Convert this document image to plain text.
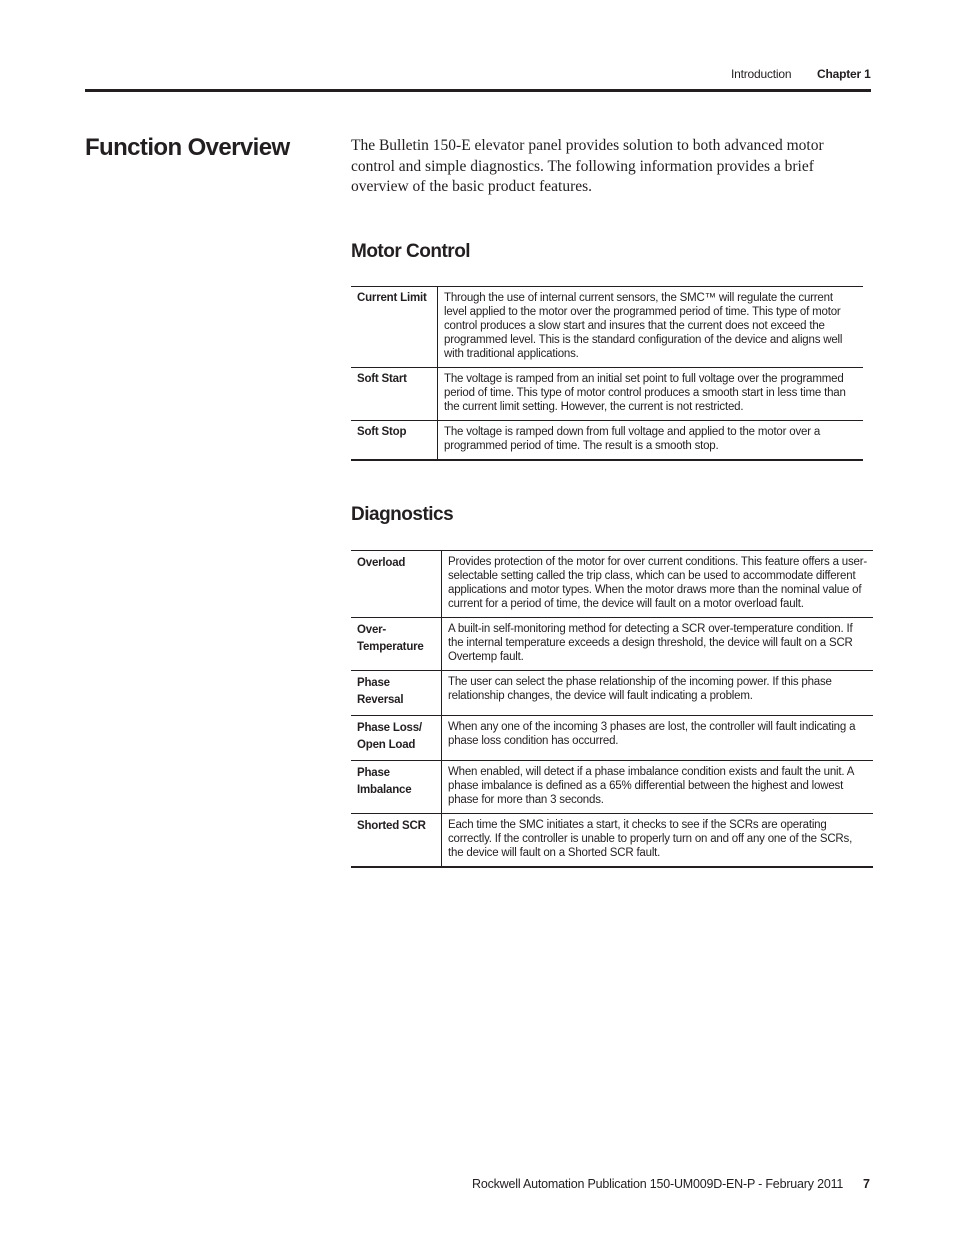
Introduction Chapter 1
Function Overview	The Bulletin 150-E elevator panel provides solution to both advanced motor control and simple diagnostics. The following information provides a brief overview of the basic product features.

Motor Control
Current Limit	Through the use of internal current sensors, the SMC™ will regulate the current level applied to the motor over the programmed period of time. This type of motor control produces a slow start and insures that the current does not exceed the programmed level. This is the standard configuration of the device and aligns well with traditional applications.
Soft Start	The voltage is ramped from an initial set point to full voltage over the programmed period of time. This type of motor control produces a smooth start in less time than the current limit setting. However, the current is not restricted.
Soft Stop	The voltage is ramped down from full voltage and applied to the motor over a programmed period of time. The result is a smooth stop.
Diagnostics
Overload	Provides protection of the motor for over current conditions. This feature offers a user-selectable setting called the trip class, which can be used to accommodate different applications and motor types. When the motor draws more than the nominal value of current for a period of time, the device will fault on a motor overload fault.
Over-Temperature	A built-in self-monitoring method for detecting a SCR over-temperature condition. If the internal temperature exceeds a design threshold, the device will fault on a SCR Overtemp fault.
Phase Reversal	The user can select the phase relationship of the incoming power. If this phase relationship changes, the device will fault indicating a problem.
Phase Loss/ Open Load	When any one of the incoming 3 phases are lost, the controller will fault indicating a phase loss condition has occurred.
Phase Imbalance	When enabled, will detect if a phase imbalance condition exists and fault the unit. A phase imbalance is defined as a 65% differential between the highest and lowest phase for more than 3 seconds.
Shorted SCR	Each time the SMC initiates a start, it checks to see if the SCRs are operating correctly. If the controller is unable to properly turn on and off any one of the SCRs, the device will fault on a Shorted SCR fault.
Rockwell Automation Publication 150-UM009D-EN-P - February 2011 7
